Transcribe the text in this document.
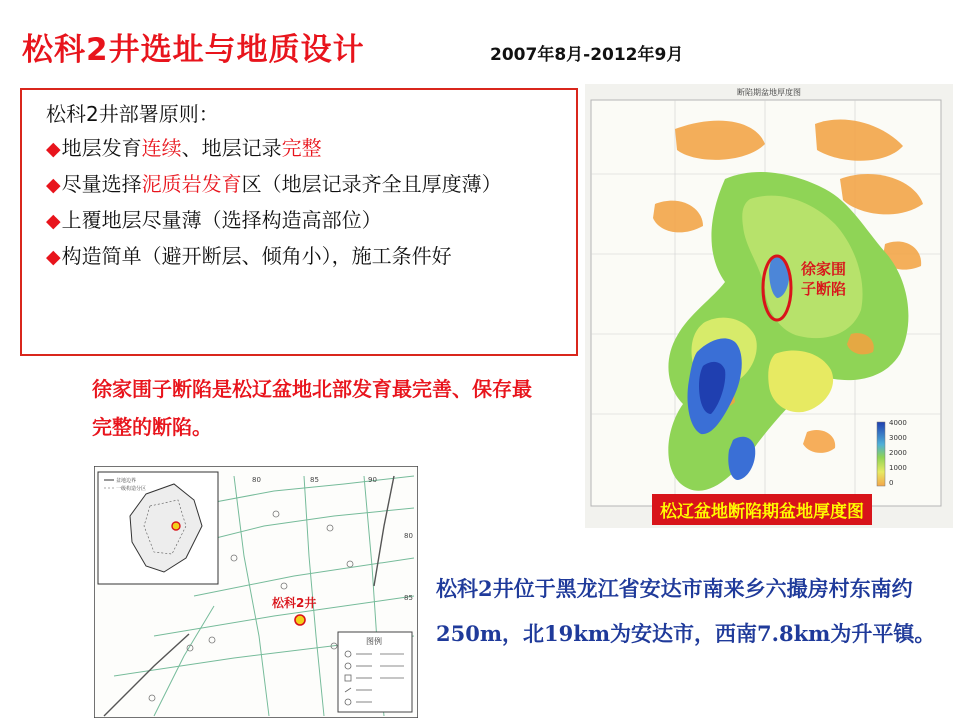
松科2井选址与地质设计	2007年8月-2012年9月
松科2井部署原则：
◆地层发育连续、地层记录完整
◆尽量选择泥质岩发育区（地层记录齐全且厚度薄）
◆上覆地层尽量薄（选择构造高部位）
◆构造简单（避开断层、倾角小），施工条件好
徐家围子断陷是松辽盆地北部发育最完善、保存最完整的断陷。
松科2井位于黑龙江省安达市南来乡六撮房村东南约250m，北19km为安达市，西南7.8km为升平镇。
断陷期盆地厚度图
徐家围 子断陷
4000
3000
2000
1000
0
松辽盆地断陷期盆地厚度图
盆地边界
一级构造分区
松科2井
80	85	90
80
85
图例
